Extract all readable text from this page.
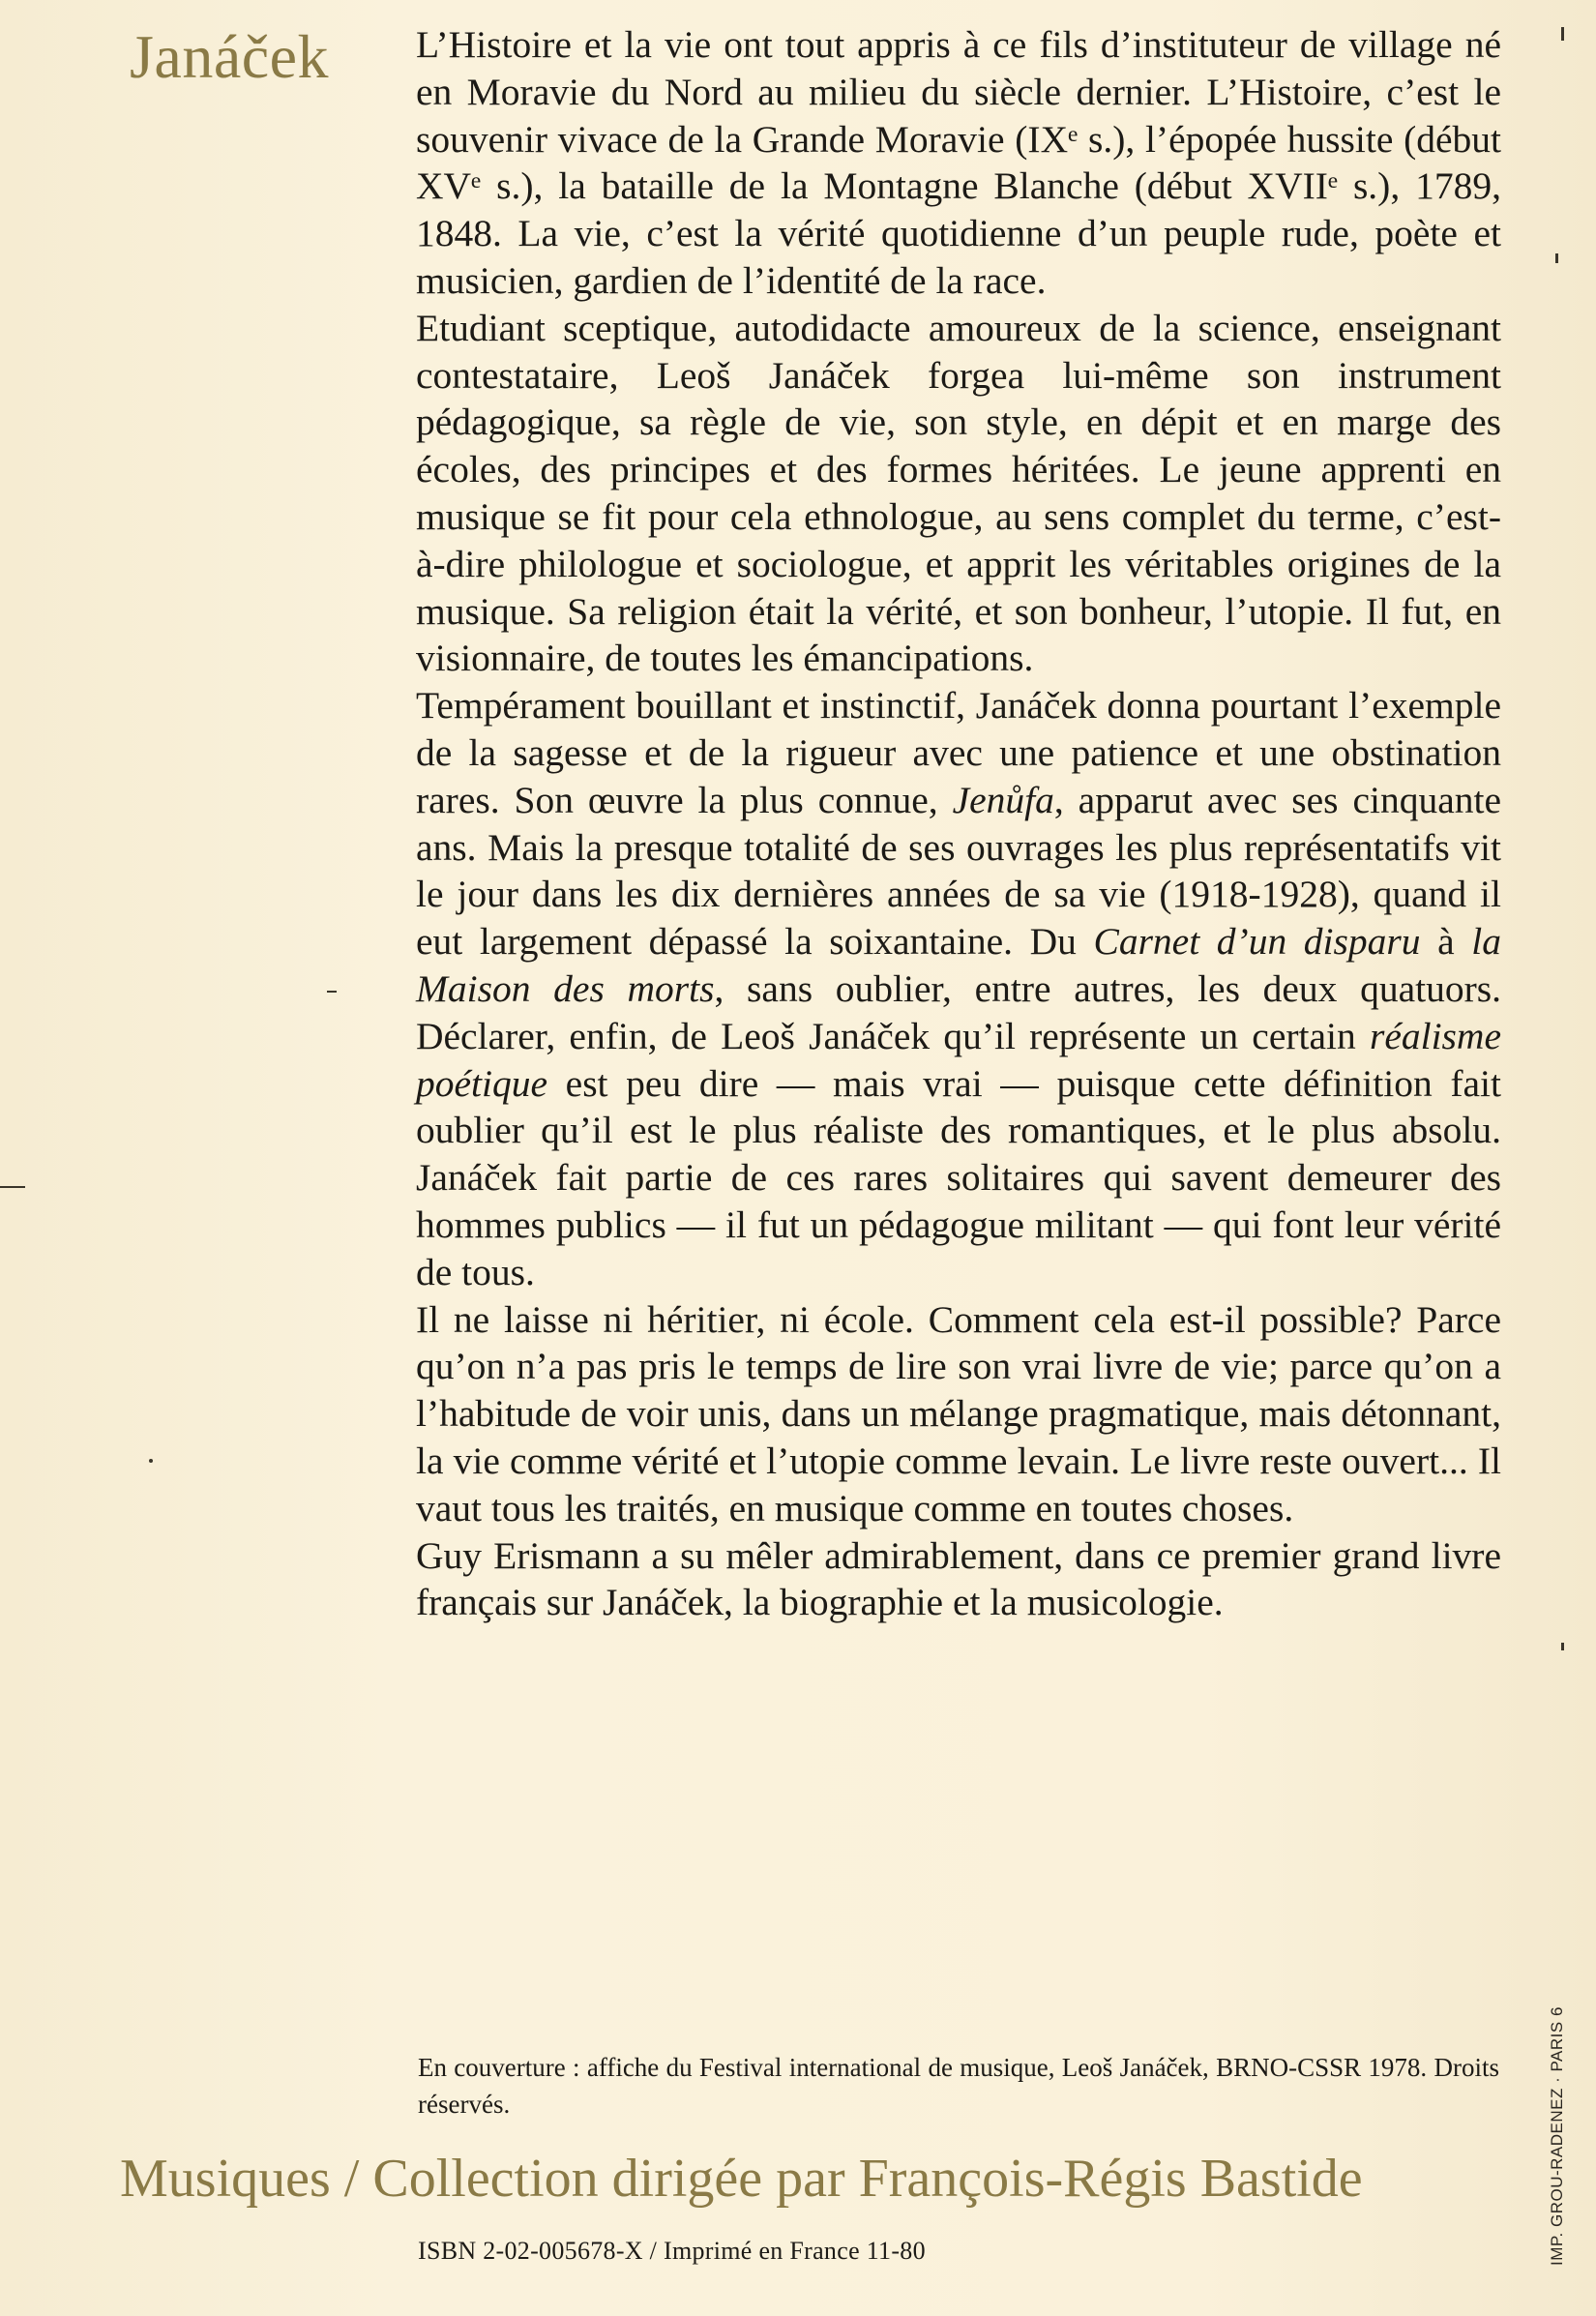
Janáček L’Histoire et la vie ont tout appris à ce fils d’instituteur de village né en Moravie du Nord au milieu du siècle dernier. L’Histoire, c’est le souvenir vivace de la Grande Moravie (IXᵉ s.), l’épopée hussite (début XVᵉ s.), la bataille de la Montagne Blanche (début XVIIᵉ s.), 1789, 1848. La vie, c’est la vérité quotidienne d’un peuple rude, poète et musicien, gardien de l’identité de la race.

Etudiant sceptique, autodidacte amoureux de la science, enseignant contestataire, Leoš Janáček forgea lui-même son instrument pédagogique, sa règle de vie, son style, en dépit et en marge des écoles, des principes et des formes héritées. Le jeune apprenti en musique se fit pour cela ethnologue, au sens complet du terme, c’est-à-dire philologue et sociologue, et apprit les véritables origines de la musique. Sa religion était la vérité, et son bonheur, l’utopie. Il fut, en visionnaire, de toutes les émancipations.

Tempérament bouillant et instinctif, Janáček donna pourtant l’exemple de la sagesse et de la rigueur avec une patience et une obstination rares. Son œuvre la plus connue, Jenůfa, apparut avec ses cinquante ans. Mais la presque totalité de ses ouvrages les plus représentatifs vit le jour dans les dix dernières années de sa vie (1918-1928), quand il eut largement dépassé la soixantaine. Du Carnet d’un disparu à la Maison des morts, sans oublier, entre autres, les deux quatuors. Déclarer, enfin, de Leoš Janáček qu’il représente un certain réalisme poétique est peu dire — mais vrai — puisque cette définition fait oublier qu’il est le plus réaliste des romantiques, et le plus absolu. Janáček fait partie de ces rares solitaires qui savent demeurer des hommes publics — il fut un pédagogue militant — qui font leur vérité de tous.

Il ne laisse ni héritier, ni école. Comment cela est-il possible? Parce qu’on n’a pas pris le temps de lire son vrai livre de vie; parce qu’on a l’habitude de voir unis, dans un mélange pragmatique, mais détonnant, la vie comme vérité et l’utopie comme levain. Le livre reste ouvert... Il vaut tous les traités, en musique comme en toutes choses.

Guy Erismann a su mêler admirablement, dans ce premier grand livre français sur Janáček, la biographie et la musicologie.

En couverture : affiche du Festival international de musique, Leoš Janáček, BRNO-CSSR 1978. Droits réservés.

Musiques / Collection dirigée par François-Régis Bastide
ISBN 2-02-005678-X / Imprimé en France 11-80	IMP. GROU-RADENEZ · PARIS 6
